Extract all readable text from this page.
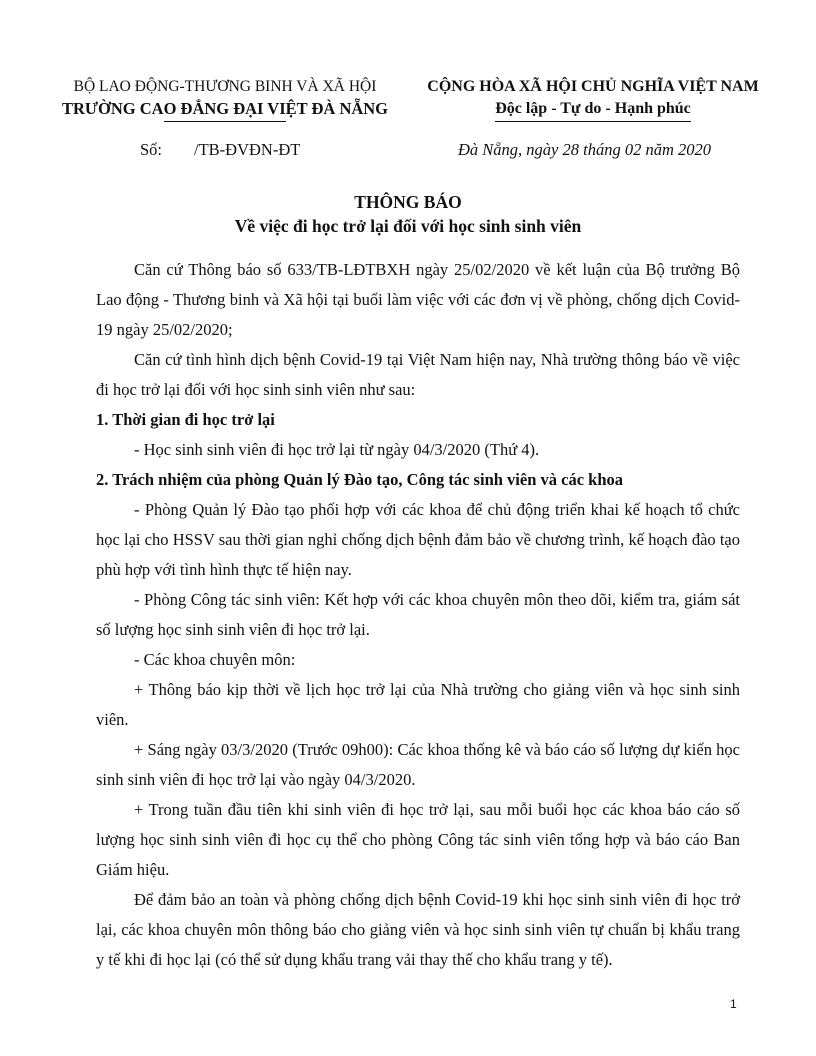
BỘ LAO ĐỘNG-THƯƠNG BINH VÀ XÃ HỘI
TRƯỜNG CAO ĐẲNG ĐẠI VIỆT ĐÀ NẴNG
CỘNG HÒA XÃ HỘI CHỦ NGHĨA VIỆT NAM
Độc lập - Tự do - Hạnh phúc
Số: /TB-ĐVĐN-ĐT	Đà Nẵng, ngày 28 tháng 02 năm 2020
THÔNG BÁO
Về việc đi học trở lại đối với học sinh sinh viên

Căn cứ Thông báo số 633/TB-LĐTBXH ngày 25/02/2020 về kết luận của Bộ trưởng Bộ Lao động - Thương binh và Xã hội tại buổi làm việc với các đơn vị về phòng, chống dịch Covid-19 ngày 25/02/2020;

Căn cứ tình hình dịch bệnh Covid-19 tại Việt Nam hiện nay, Nhà trường thông báo về việc đi học trở lại đối với học sinh sinh viên như sau:

1. Thời gian đi học trở lại

- Học sinh sinh viên đi học trở lại từ ngày 04/3/2020 (Thứ 4).

2. Trách nhiệm của phòng Quản lý Đào tạo, Công tác sinh viên và các khoa

- Phòng Quản lý Đào tạo phối hợp với các khoa để chủ động triển khai kế hoạch tổ chức học lại cho HSSV sau thời gian nghỉ chống dịch bệnh đảm bảo về chương trình, kế hoạch đào tạo phù hợp với tình hình thực tế hiện nay.

- Phòng Công tác sinh viên: Kết hợp với các khoa chuyên môn theo dõi, kiểm tra, giám sát số lượng học sinh sinh viên đi học trở lại.

- Các khoa chuyên môn:

+ Thông báo kịp thời về lịch học trở lại của Nhà trường cho giảng viên và học sinh sinh viên.

+ Sáng ngày 03/3/2020 (Trước 09h00): Các khoa thống kê và báo cáo số lượng dự kiến học sinh sinh viên đi học trở lại vào ngày 04/3/2020.

+ Trong tuần đầu tiên khi sinh viên đi học trở lại, sau mỗi buổi học các khoa báo cáo số lượng học sinh sinh viên đi học cụ thể cho phòng Công tác sinh viên tổng hợp và báo cáo Ban Giám hiệu.

Để đảm bảo an toàn và phòng chống dịch bệnh Covid-19 khi học sinh sinh viên đi học trở lại, các khoa chuyên môn thông báo cho giảng viên và học sinh sinh viên tự chuẩn bị khẩu trang y tế khi đi học lại (có thể sử dụng khẩu trang vải thay thế cho khẩu trang y tế).

1
